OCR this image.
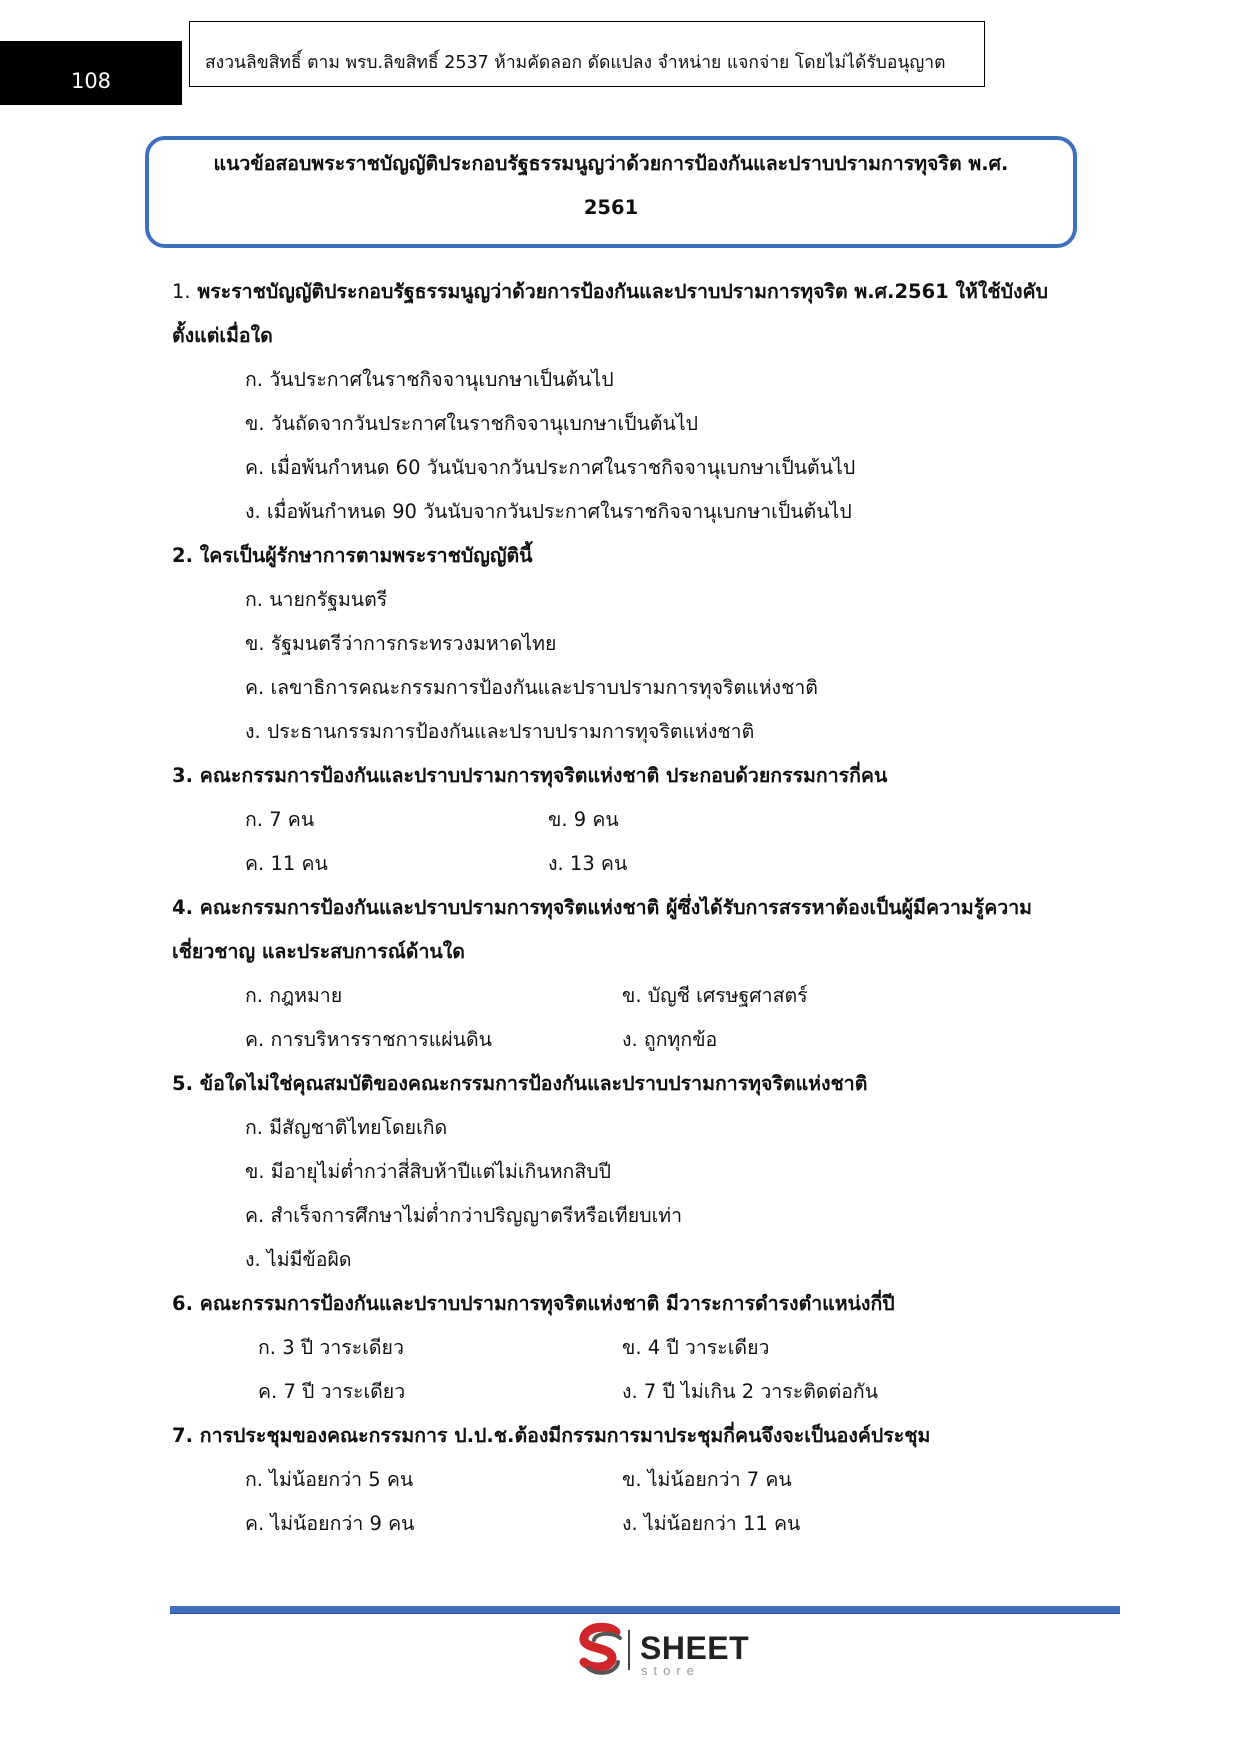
108
สงวนลิขสิทธิ์ ตาม พรบ.ลิขสิทธิ์ 2537 ห้ามคัดลอก ดัดแปลง จำหน่าย แจกจ่าย โดยไม่ได้รับอนุญาต
แนวข้อสอบพระราชบัญญัติประกอบรัฐธรรมนูญว่าด้วยการป้องกันและปราบปรามการทุจริต พ.ศ.
2561
1. พระราชบัญญัติประกอบรัฐธรรมนูญว่าด้วยการป้องกันและปราบปรามการทุจริต พ.ศ.2561 ให้ใช้บังคับตั้งแต่เมื่อใด
ก. วันประกาศในราชกิจจานุเบกษาเป็นต้นไป
ข. วันถัดจากวันประกาศในราชกิจจานุเบกษาเป็นต้นไป
ค. เมื่อพ้นกำหนด 60 วันนับจากวันประกาศในราชกิจจานุเบกษาเป็นต้นไป
ง. เมื่อพ้นกำหนด 90 วันนับจากวันประกาศในราชกิจจานุเบกษาเป็นต้นไป
2. ใครเป็นผู้รักษาการตามพระราชบัญญัตินี้
ก. นายกรัฐมนตรี
ข. รัฐมนตรีว่าการกระทรวงมหาดไทย
ค. เลขาธิการคณะกรรมการป้องกันและปราบปรามการทุจริตแห่งชาติ
ง. ประธานกรรมการป้องกันและปราบปรามการทุจริตแห่งชาติ
3. คณะกรรมการป้องกันและปราบปรามการทุจริตแห่งชาติ ประกอบด้วยกรรมการกี่คน
ก. 7 คน	ข. 9 คน
ค. 11 คน	ง. 13 คน
4. คณะกรรมการป้องกันและปราบปรามการทุจริตแห่งชาติ ผู้ซึ่งได้รับการสรรหาต้องเป็นผู้มีความรู้ความเชี่ยวชาญ และประสบการณ์ด้านใด
ก. กฎหมาย	ข. บัญชี เศรษฐศาสตร์
ค. การบริหารราชการแผ่นดิน	ง. ถูกทุกข้อ
5. ข้อใดไม่ใช่คุณสมบัติของคณะกรรมการป้องกันและปราบปรามการทุจริตแห่งชาติ
ก. มีสัญชาติไทยโดยเกิด
ข. มีอายุไม่ต่ำกว่าสี่สิบห้าปีแต่ไม่เกินหกสิบปี
ค. สำเร็จการศึกษาไม่ต่ำกว่าปริญญาตรีหรือเทียบเท่า
ง. ไม่มีข้อผิด
6. คณะกรรมการป้องกันและปราบปรามการทุจริตแห่งชาติ มีวาระการดำรงตำแหน่งกี่ปี
ก. 3 ปี วาระเดียว	ข. 4 ปี วาระเดียว
ค. 7 ปี วาระเดียว	ง. 7 ปี ไม่เกิน 2 วาระติดต่อกัน
7. การประชุมของคณะกรรมการ ป.ป.ช.ต้องมีกรรมการมาประชุมกี่คนจึงจะเป็นองค์ประชุม
ก. ไม่น้อยกว่า 5 คน	ข. ไม่น้อยกว่า 7 คน
ค. ไม่น้อยกว่า 9 คน	ง. ไม่น้อยกว่า 11 คน
SHEET
store
